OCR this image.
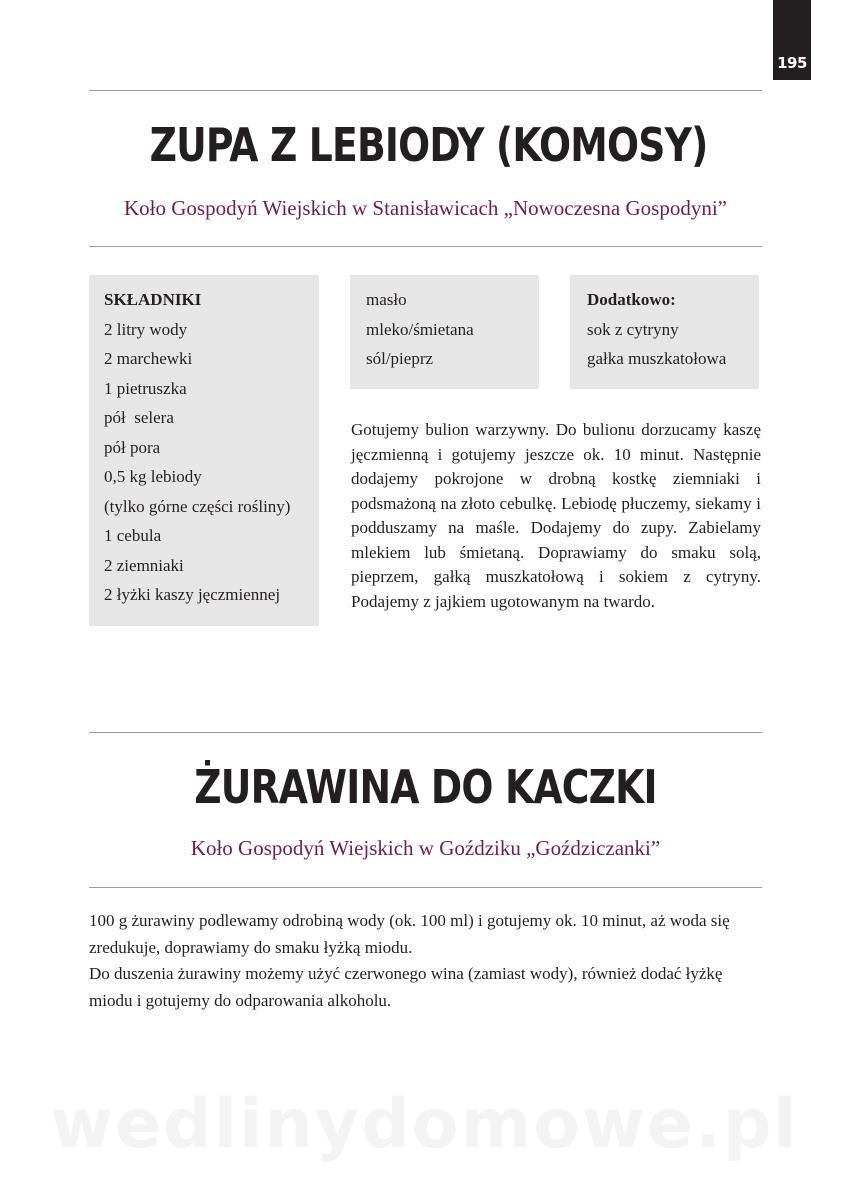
195
ZUPA Z LEBIODY (KOMOSY)
Koło Gospodyń Wiejskich w Stanisławicach „Nowoczesna Gospodyni”
SKŁADNIKI
2 litry wody
2 marchewki
1 pietruszka
pół  selera
pół pora
0,5 kg lebiody
(tylko górne części rośliny)
1 cebula
2 ziemniaki
2 łyżki kaszy jęczmiennej
masło
mleko/śmietana
sól/pieprz
Dodatkowo:
sok z cytryny
gałka muszkatołowa

Gotujemy bulion warzywny. Do bulionu dorzucamy kaszę jęczmienną i gotujemy jeszcze ok. 10 minut. Następnie dodajemy pokrojone w drobną kostkę ziemniaki i podsmażoną na złoto cebulkę. Lebiodę płuczemy, siekamy i podduszamy na maśle. Dodajemy do zupy. Zabielamy mlekiem lub śmietaną. Doprawiamy do smaku solą, pieprzem, gałką muszkatołową i sokiem z cytryny. Podajemy z jajkiem ugotowanym na twardo.

ŻURAWINA DO KACZKI
Koło Gospodyń Wiejskich w Goździku „Goździczanki”

100 g żurawiny podlewamy odrobiną wody (ok. 100 ml) i gotujemy ok. 10 minut, aż woda się zredukuje, doprawiamy do smaku łyżką miodu.

Do duszenia żurawiny możemy użyć czerwonego wina (zamiast wody), również dodać łyżkę miodu i gotujemy do odparowania alkoholu.

wedlinydomowe.pl
